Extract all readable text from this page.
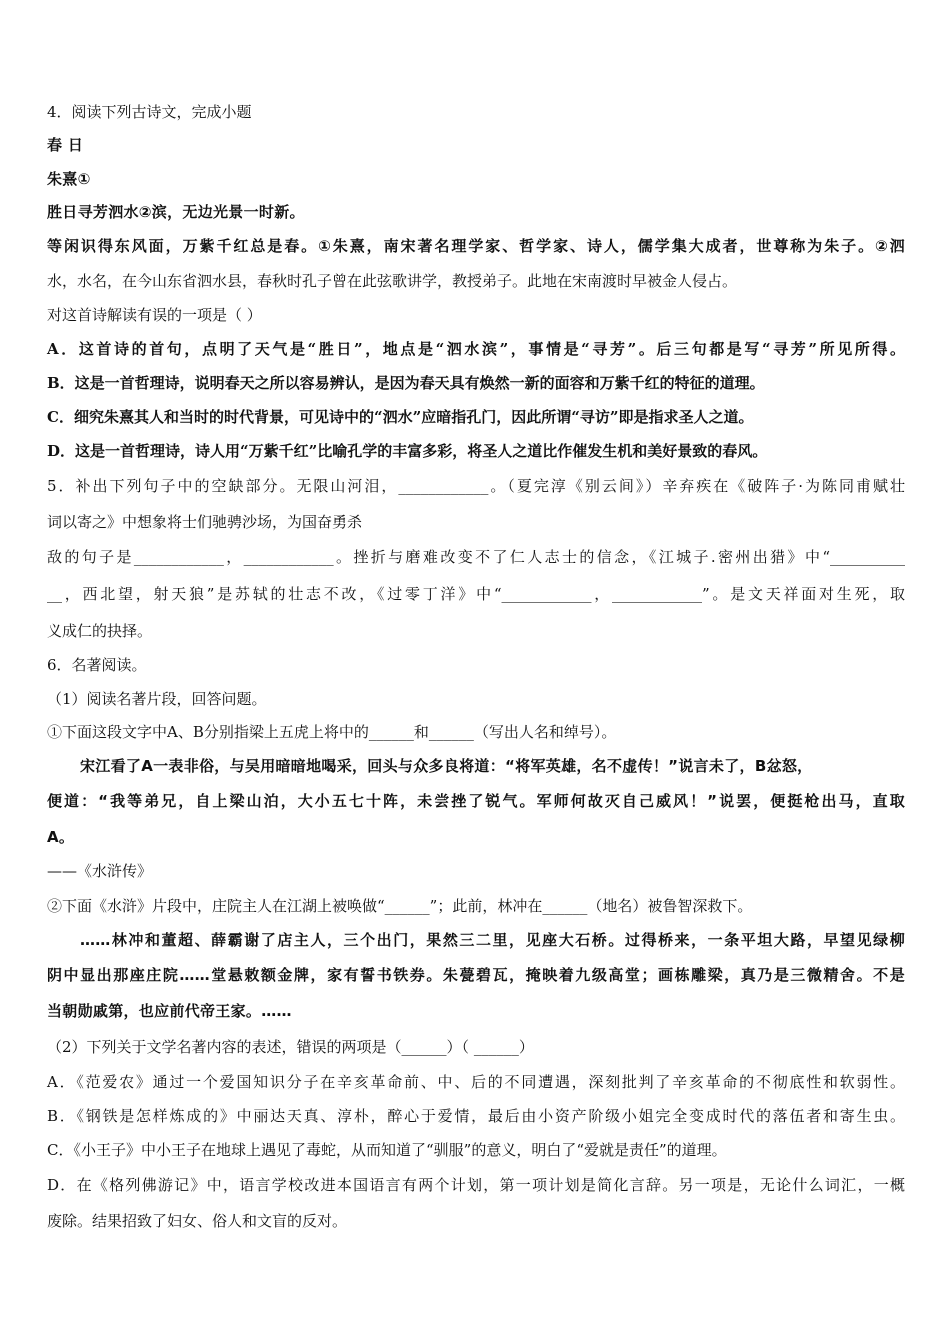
4．阅读下列古诗文，完成小题
春 日
朱熹①
胜日寻芳泗水②滨，无边光景一时新。
等闲识得东风面，万紫千红总是春。①朱熹，南宋著名理学家、哲学家、诗人，儒学集大成者，世尊称为朱子。②泗
水，水名，在今山东省泗水县，春秋时孔子曾在此弦歌讲学，教授弟子。此地在宋南渡时早被金人侵占。
对这首诗解读有误的一项是（ ）
A．这首诗的首句，点明了天气是“胜日”，地点是“泗水滨”，事情是“寻芳”。后三句都是写“寻芳”所见所得。
B．这是一首哲理诗，说明春天之所以容易辨认，是因为春天具有焕然一新的面容和万紫千红的特征的道理。
C．细究朱熹其人和当时的时代背景，可见诗中的“泗水”应暗指孔门，因此所谓“寻访”即是指求圣人之道。
D．这是一首哲理诗，诗人用“万紫千红”比喻孔学的丰富多彩，将圣人之道比作催发生机和美好景致的春风。
5．补出下列句子中的空缺部分。无限山河泪，____________。（夏完淳《别云间》）辛弃疾在《破阵子·为陈同甫赋壮
词以寄之》中想象将士们驰骋沙场，为国奋勇杀
敌的句子是____________，____________。挫折与磨难改变不了仁人志士的信念，《江城子.密州出猎》中“__________
__，西北望，射天狼”是苏轼的壮志不改，《过零丁洋》中“____________，____________”。是文天祥面对生死，取
义成仁的抉择。
6．名著阅读。
（1）阅读名著片段，回答问题。
①下面这段文字中A、B分别指梁上五虎上将中的______和______（写出人名和绰号）。
宋江看了A一表非俗，与吴用暗暗地喝采，回头与众多良将道：“将军英雄，名不虚传！”说言未了，B忿怒，
便道：“我等弟兄，自上梁山泊，大小五七十阵，未尝挫了锐气。军师何故灭自己威风！”说罢，便挺枪出马，直取
A。
——《水浒传》
②下面《水浒》片段中，庄院主人在江湖上被唤做“______”；此前，林冲在______（地名）被鲁智深救下。
……林冲和董超、薛霸谢了店主人，三个出门，果然三二里，见座大石桥。过得桥来，一条平坦大路，早望见绿柳
阴中显出那座庄院……堂悬敕额金牌，家有誓书铁券。朱甍碧瓦，掩映着九级高堂；画栋雕梁，真乃是三微精舍。不是
当朝勋戚第，也应前代帝王家。……
（2）下列关于文学名著内容的表述，错误的两项是（______）（ ______）
A．《范爱农》通过一个爱国知识分子在辛亥革命前、中、后的不同遭遇，深刻批判了辛亥革命的不彻底性和软弱性。
B．《钢铁是怎样炼成的》中丽达天真、淳朴，醉心于爱情，最后由小资产阶级小姐完全变成时代的落伍者和寄生虫。
C．《小王子》中小王子在地球上遇见了毒蛇，从而知道了“驯服”的意义，明白了“爱就是责任”的道理。
D．在《格列佛游记》中，语言学校改进本国语言有两个计划，第一项计划是简化言辞。另一项是，无论什么词汇，一概
废除。结果招致了妇女、俗人和文盲的反对。
